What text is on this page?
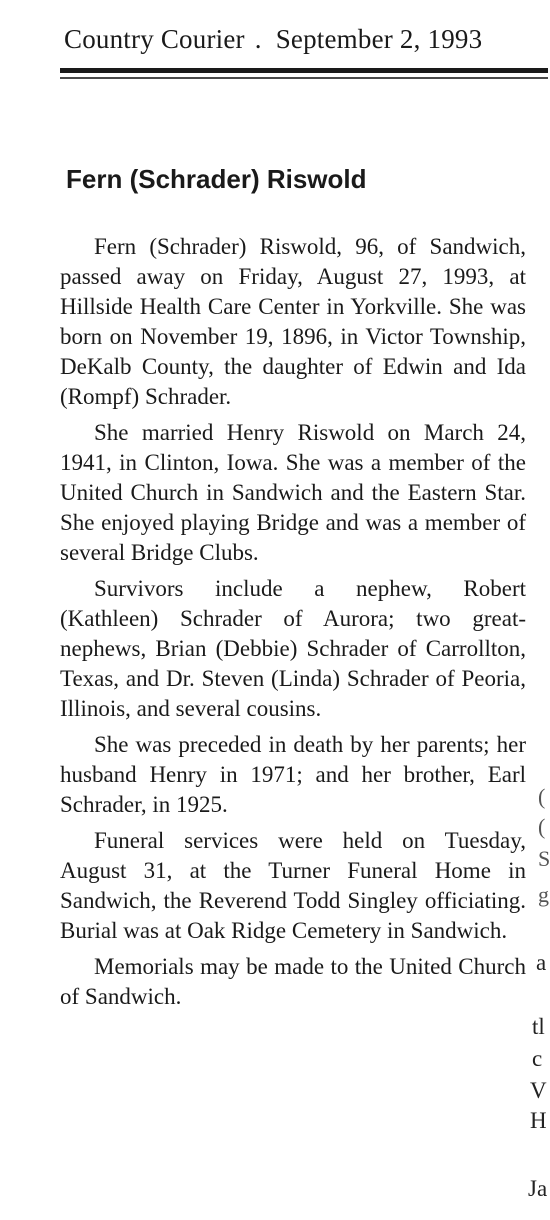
Country Courier . September 2, 1993
Fern (Schrader) Riswold

Fern (Schrader) Riswold, 96, of Sandwich, passed away on Friday, August 27, 1993, at Hillside Health Care Center in Yorkville. She was born on November 19, 1896, in Victor Township, DeKalb County, the daughter of Edwin and Ida (Rompf) Schrader.

She married Henry Riswold on March 24, 1941, in Clinton, Iowa. She was a member of the United Church in Sandwich and the Eastern Star. She enjoyed playing Bridge and was a member of several Bridge Clubs.

Survivors include a nephew, Robert (Kathleen) Schrader of Aurora; two great-nephews, Brian (Debbie) Schrader of Carrollton, Texas, and Dr. Steven (Linda) Schrader of Peoria, Illinois, and several cousins.

She was preceded in death by her parents; her husband Henry in 1971; and her brother, Earl Schrader, in 1925.

Funeral services were held on Tuesday, August 31, at the Turner Funeral Home in Sandwich, the Reverend Todd Singley officiating. Burial was at Oak Ridge Cemetery in Sandwich.

Memorials may be made to the United Church of Sandwich.

(
(
S
g
a
tl
c
V
H
Ja
